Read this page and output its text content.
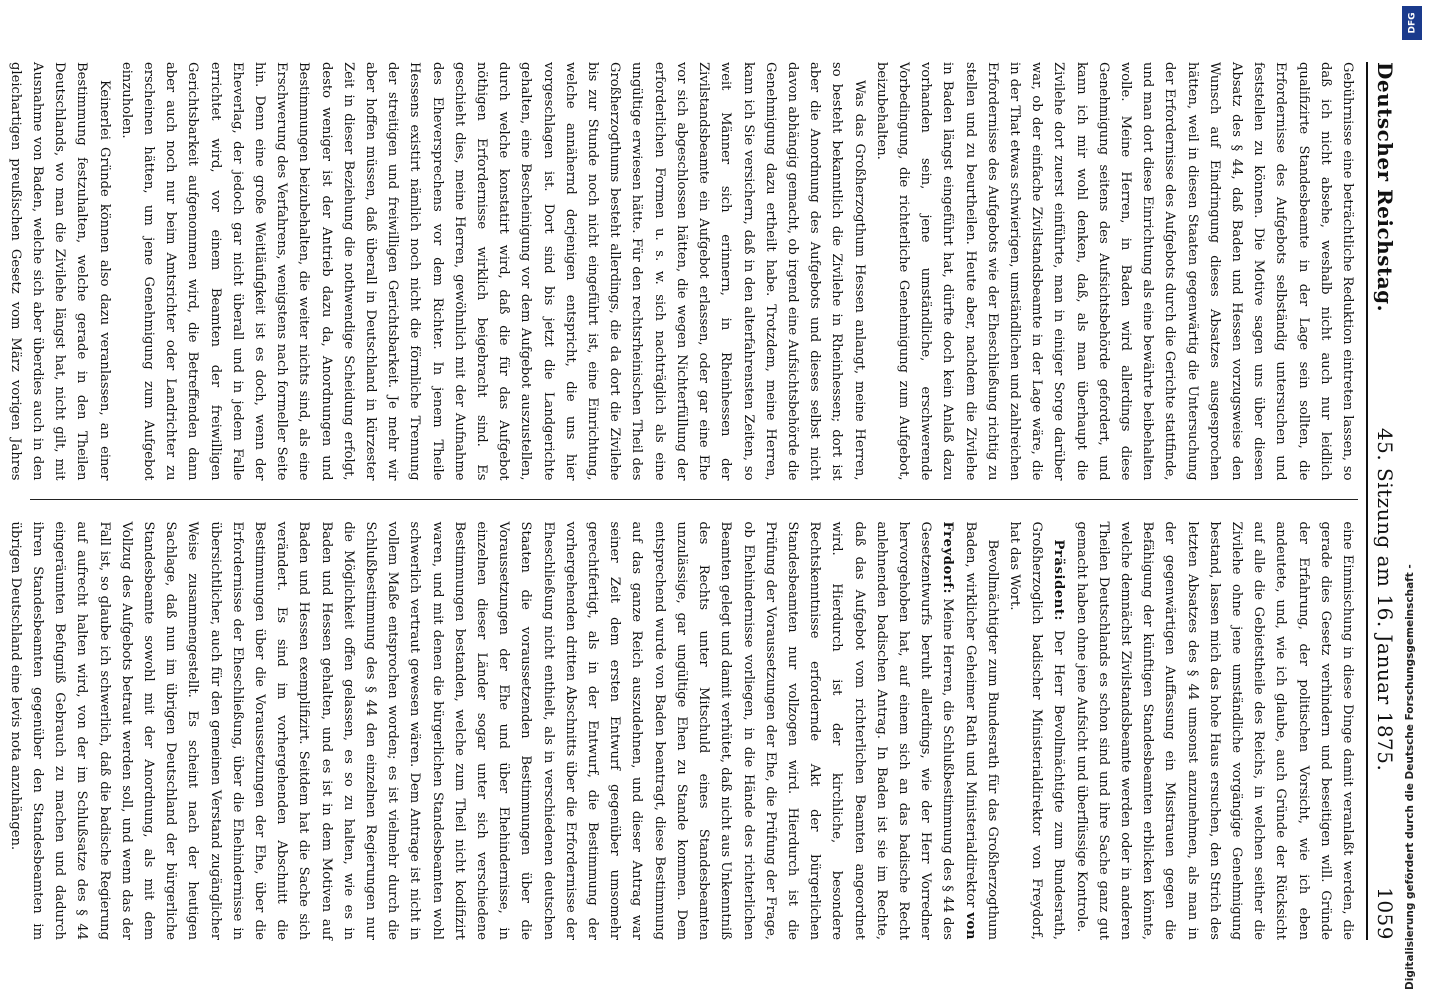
Deutscher Reichstag.
45. Sitzung am 16. Januar 1875.
1059

Gebührnisse eine beträchtliche Reduktion eintreten lassen, so daß ich nicht absehe, weshalb nicht auch nur leidlich qualifizirte Standesbeamte in der Lage sein sollten, die Erfordernisse des Aufgebots selbständig untersuchen und feststellen zu können. Die Motive sagen uns über diesen Absatz des § 44, daß Baden und Hessen vorzugsweise den Wunsch auf Eindringung dieses Absatzes ausgesprochen hätten, weil in diesen Staaten gegenwärtig die Untersuchung der Erfordernisse des Aufgebots durch die Gerichte stattfinde, und man dort diese Einrichtung als eine bewährte beibehalten wolle. Meine Herren, in Baden wird allerdings diese Genehmigung seitens des Aufsichtsbehörde gefordert, und kann ich mir wohl denken, daß, als man überhaupt die Zivilehe dort zuerst einführte, man in einiger Sorge darüber war, ob der einfache Zivilstandsbeamte in der Lage wäre, die in der That etwas schwierigen, umständlichen und zahlreichen Erfordernisse des Aufgebots wie der Eheschließung richtig zu stellen und zu beurtheilen. Heute aber, nachdem die Zivilehe in Baden längst eingeführt hat, dürfte doch kein Anlaß dazu vorhanden sein, jene umständliche, erschwerende Vorbedingung, die richterliche Genehmigung zum Aufgebot, beizubehalten.

Was das Großherzogthum Hessen anlangt, meine Herren, so besteht bekanntlich die Zivilehe in Rheinhessen; dort ist aber die Anordnung des Aufgebots und dieses selbst nicht davon abhängig gemacht, ob irgend eine Aufsichtsbehörde die Genehmigung dazu ertheilt habe. Trotzdem, meine Herren, kann ich Sie versichern, daß in den alterfahrensten Zeiten, so weit Männer sich erinnern, in Rheinhessen der Zivilstandsbeamte ein Aufgebot erlassen, oder gar eine Ehe vor sich abgeschlossen hätten, die wegen Nichterfüllung der erforderlichen Formen u. s. w. sich nachträglich als eine ungültige erwiesen hätte. Für den rechtsrheinischen Theil des Großherzogthums besteht allerdings, die da dort die Zivilehe bis zur Stunde noch nicht eingeführt ist, eine Einrichtung, welche annähernd derjenigen entspricht, die uns hier vorgeschlagen ist. Dort sind bis jetzt die Landgerichte gehalten, eine Bescheinigung vor dem Aufgebot auszustellen, durch welche konstatirt wird, daß die für das Aufgebot nöthigen Erfordernisse wirklich beigebracht sind. Es geschieht dies, meine Herren, gewöhnlich mit der Aufnahme des Eheversprechens vor dem Richter. In jenem Theile Hessens existirt nämlich noch nicht die förmliche Trennung der streitigen und freiwilligen Gerichtsbarkeit. Je mehr wir aber hoffen müssen, daß überall in Deutschland in kürzester Zeit in dieser Beziehung die nothwendige Scheidung erfolgt, desto weniger ist der Antrieb dazu da, Anordnungen und Bestimmungen beizubehalten, die weiter nichts sind, als eine Erschwerung des Verfahrens, wenigstens nach formeller Seite hin. Denn eine große Weitläufigkeit ist es doch, wenn der Eheverlag, der jedoch gar nicht überall und in jedem Falle errichtet wird, vor einem Beamten der freiwilligen Gerichtsbarkeit aufgenommen wird, die Betreffenden dann aber auch noch nur beim Amtsrichter oder Landrichter zu erscheinen hätten, um jene Genehmigung zum Aufgebot einzuholen.

Keinerlei Gründe können also dazu veranlassen, an einer Bestimmung festzuhalten, welche gerade in den Theilen Deutschlands, wo man die Zivilehe längst hat, nicht gilt, mit Ausnahme von Baden, welche sich aber überdies auch in den gleichartigen preußischen Gesetz vom März vorigen Jahres

eine Einmischung in diese Dinge damit veranlaßt werden, die gerade dies Gesetz verhindern und beseitigen will. Gründe der Erfahrung, der politischen Vorsicht, wie ich eben andeutete, und, wie ich glaube, auch Gründe der Rücksicht auf alle die Gebietstheile des Reichs, in welchen seither die Zivilehe ohne jene umständliche vorgängige Genehmigung bestand, lassen mich das hohe Haus ersuchen, den Strich des letzten Absatzes des § 44 umsonst anzunehmen, als man in der gegenwärtigen Auffassung ein Misstrauen gegen die Befähigung der künftigen Standesbeamten erblicken könnte, welche demnächst Zivilstandsbeamte werden oder in anderen Theilen Deutschlands es schon sind und ihre Sache ganz gut gemacht haben ohne jene Aufsicht und überflüssige Kontrole.

Präsident: Der Herr Bevollmächtigte zum Bundesrath, Großherzoglich badischer Ministerialdirektor von Freydorf, hat das Wort.

Bevollmächtigter zum Bundesrath für das Großherzogthum Baden, wirklicher Geheimer Rath und Ministerialdirektor von Freydorf: Meine Herren, die Schlußbestimmung des § 44 des Gesetzentwurfs beruht allerdings, wie der Herr Vorredner hervorgehoben hat, auf einem sich an das badische Recht anlehnenden badischen Antrag. In Baden ist sie im Rechte, daß das Aufgebot vom richterlichen Beamten angeordnet wird. Hierdurch ist der kirchliche, besondere Rechtskenntnisse erfordernde Akt der bürgerlichen Standesbeamten nur vollzogen wird. Hierdurch ist die Prüfung der Voraussetzungen der Ehe, die Prüfung der Frage, ob Ehehindernisse vorliegen, in die Hände des richterlichen Beamten gelegt und damit verhütet, daß nicht aus Unkenntniß des Rechts unter Mitschuld eines Standesbeamten unzulässige, gar ungültige Ehen zu Stande kommen. Dem entsprechend wurde von Baden beantragt, diese Bestimmung auf das ganze Reich auszudehnen, und dieser Antrag war seiner Zeit dem ersten Entwurf gegenüber umsomehr gerechtfertigt, als in der Entwurf, die Bestimmung der vorhergehenden dritten Abschnitts über die Erfordernisse der Eheschließung nicht enthielt, als in verschiedenen deutschen Staaten die voraussetzenden Bestimmungen über die Voraussetzungen der Ehe und über Ehehindernisse, in einzelnen dieser Länder sogar unter sich verschiedene Bestimmungen bestanden, welche zum Theil nicht kodifizirt waren, und mit denen die bürgerlichen Standesbeamten wohl schwerlich vertraut gewesen wären. Dem Antrage ist nicht in vollem Maße entsprochen worden; es ist vielmehr durch die Schlußbestimmung des § 44 den einzelnen Regierungen nur die Möglichkeit offen gelassen, es so zu halten, wie es in Baden und Hessen gehalten, und es ist in dem Motiven auf Baden und Hessen exemplifizirt. Seitdem hat die Sache sich verändert. Es sind im vorhergehenden Abschnitt die Bestimmungen über die Voraussetzungen der Ehe, über die Erfordernisse der Eheschließung, über die Ehehindernisse in übersichtlicher, auch für den gemeinen Verstand zugänglicher Weise zusammengestellt. Es scheint nach der heutigen Sachlage, daß nun im übrigen Deutschland der bürgerliche Standesbeamte sowohl mit der Anordnung, als mit dem Vollzug des Aufgebots betraut werden soll, und wenn das der Fall ist, so glaube ich schwerlich, daß die badische Regierung auf aufrecht halten wird, von der im Schlußsatze des § 44 eingeräumten Befugniß Gebrauch zu machen und dadurch ihren Standesbeamten gegenüber den Standesbeamten im übrigen Deutschland eine levis nota anzuhängen.

DFG
Digitalisierung gefördert durch die Deutsche Forschungsgemeinschaft -
